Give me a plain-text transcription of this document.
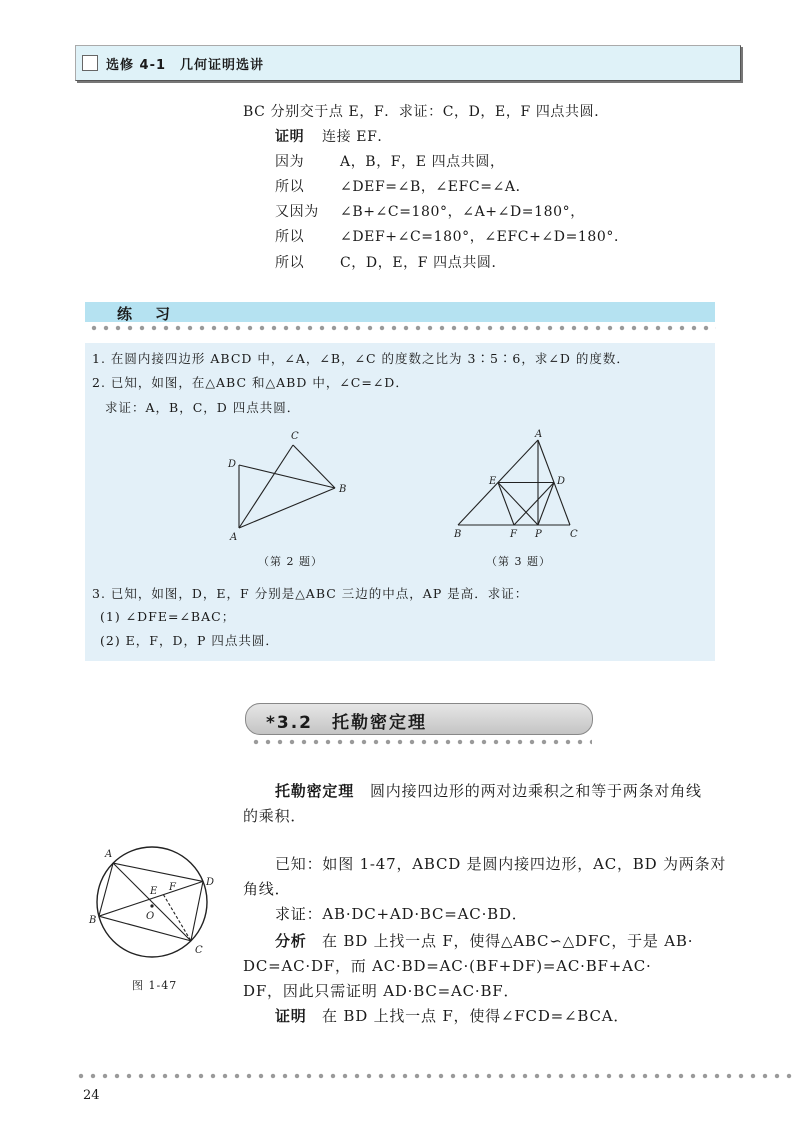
选修 4-1　几何证明选讲
BC 分别交于点 E，F．求证：C，D，E，F 四点共圆．
证明 连接 EF．
因为	A，B，F，E 四点共圆，
所以	∠DEF=∠B，∠EFC=∠A．
又因为 ∠B+∠C=180°，∠A+∠D=180°，
所以	∠DEF+∠C=180°，∠EFC+∠D=180°．
所以	C，D，E，F 四点共圆．
练　习
1. 在圆内接四边形 ABCD 中，∠A，∠B，∠C 的度数之比为 3∶5∶6，求∠D 的度数．
2. 已知，如图，在△ABC 和△ABD 中，∠C=∠D．
求证：A，B，C，D 四点共圆．
C
D
B
A
（第 2 题）
A
E	D
B	F P	C
（第 3 题）
3. 已知，如图，D，E，F 分别是△ABC 三边的中点，AP 是高．求证：
(1) ∠DFE=∠BAC；
(2) E，F，D，P 四点共圆．
*3.2　托勒密定理
托勒密定理 圆内接四边形的两对边乘积之和等于两条对角线
的乘积．
A
D
B
C
E F
O
图 1-47
已知：如图 1-47，ABCD 是圆内接四边形，AC，BD 为两条对
角线．
求证：AB·DC+AD·BC=AC·BD．
分析 在 BD 上找一点 F，使得△ABC∽△DFC，于是 AB·
DC=AC·DF，而 AC·BD=AC·(BF+DF)=AC·BF+AC·
DF，因此只需证明 AD·BC=AC·BF．
证明 在 BD 上找一点 F，使得∠FCD=∠BCA．
24
